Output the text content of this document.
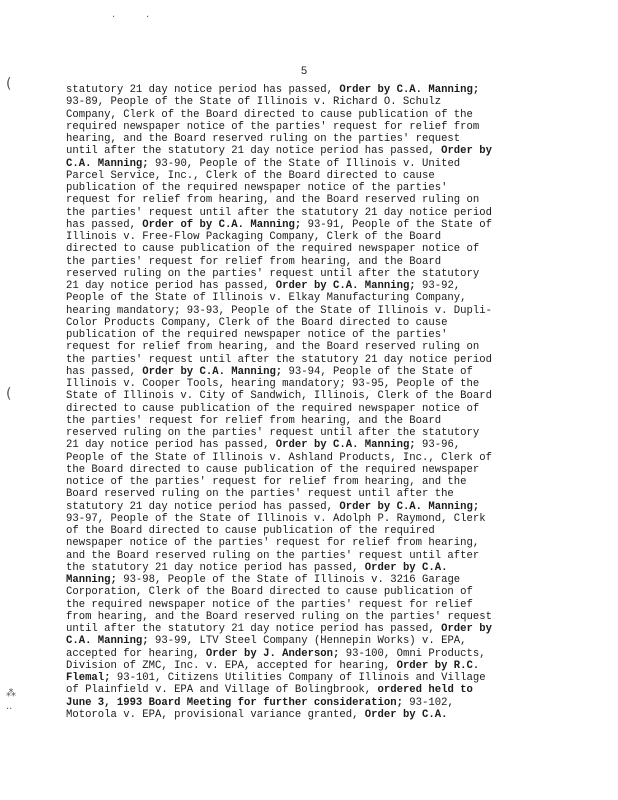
·	·
(
(
⁂
··
5
statutory 21 day notice period has passed, Order by C.A. Manning;
93-89, People of the State of Illinois v. Richard O. Schulz
Company, Clerk of the Board directed to cause publication of the
required newspaper notice of the parties' request for relief from
hearing, and the Board reserved ruling on the parties' request
until after the statutory 21 day notice period has passed, Order by
C.A. Manning; 93-90, People of the State of Illinois v. United
Parcel Service, Inc., Clerk of the Board directed to cause
publication of the required newspaper notice of the parties'
request for relief from hearing, and the Board reserved ruling on
the parties' request until after the statutory 21 day notice period
has passed, Order of by C.A. Manning; 93-91, People of the State of
Illinois v. Free-Flow Packaging Company, Clerk of the Board
directed to cause publication of the required newspaper notice of
the parties' request for relief from hearing, and the Board
reserved ruling on the parties' request until after the statutory
21 day notice period has passed, Order by C.A. Manning; 93-92,
People of the State of Illinois v. Elkay Manufacturing Company,
hearing mandatory; 93-93, People of the State of Illinois v. Dupli-
Color Products Company, Clerk of the Board directed to cause
publication of the required newspaper notice of the parties'
request for relief from hearing, and the Board reserved ruling on
the parties' request until after the statutory 21 day notice period
has passed, Order by C.A. Manning; 93-94, People of the State of
Illinois v. Cooper Tools, hearing mandatory; 93-95, People of the
State of Illinois v. City of Sandwich, Illinois, Clerk of the Board
directed to cause publication of the required newspaper notice of
the parties' request for relief from hearing, and the Board
reserved ruling on the parties' request until after the statutory
21 day notice period has passed, Order by C.A. Manning; 93-96,
People of the State of Illinois v. Ashland Products, Inc., Clerk of
the Board directed to cause publication of the required newspaper
notice of the parties' request for relief from hearing, and the
Board reserved ruling on the parties' request until after the
statutory 21 day notice period has passed, Order by C.A. Manning;
93-97, People of the State of Illinois v. Adolph P. Raymond, Clerk
of the Board directed to cause publication of the required
newspaper notice of the parties' request for relief from hearing,
and the Board reserved ruling on the parties' request until after
the statutory 21 day notice period has passed, Order by C.A.
Manning; 93-98, People of the State of Illinois v. 3216 Garage
Corporation, Clerk of the Board directed to cause publication of
the required newspaper notice of the parties' request for relief
from hearing, and the Board reserved ruling on the parties' request
until after the statutory 21 day notice period has passed, Order by
C.A. Manning; 93-99, LTV Steel Company (Hennepin Works) v. EPA,
accepted for hearing, Order by J. Anderson; 93-100, Omni Products,
Division of ZMC, Inc. v. EPA, accepted for hearing, Order by R.C.
Flemal; 93-101, Citizens Utilities Company of Illinois and Village
of Plainfield v. EPA and Village of Bolingbrook, ordered held to
June 3, 1993 Board Meeting for further consideration; 93-102,
Motorola v. EPA, provisional variance granted, Order by C.A.
